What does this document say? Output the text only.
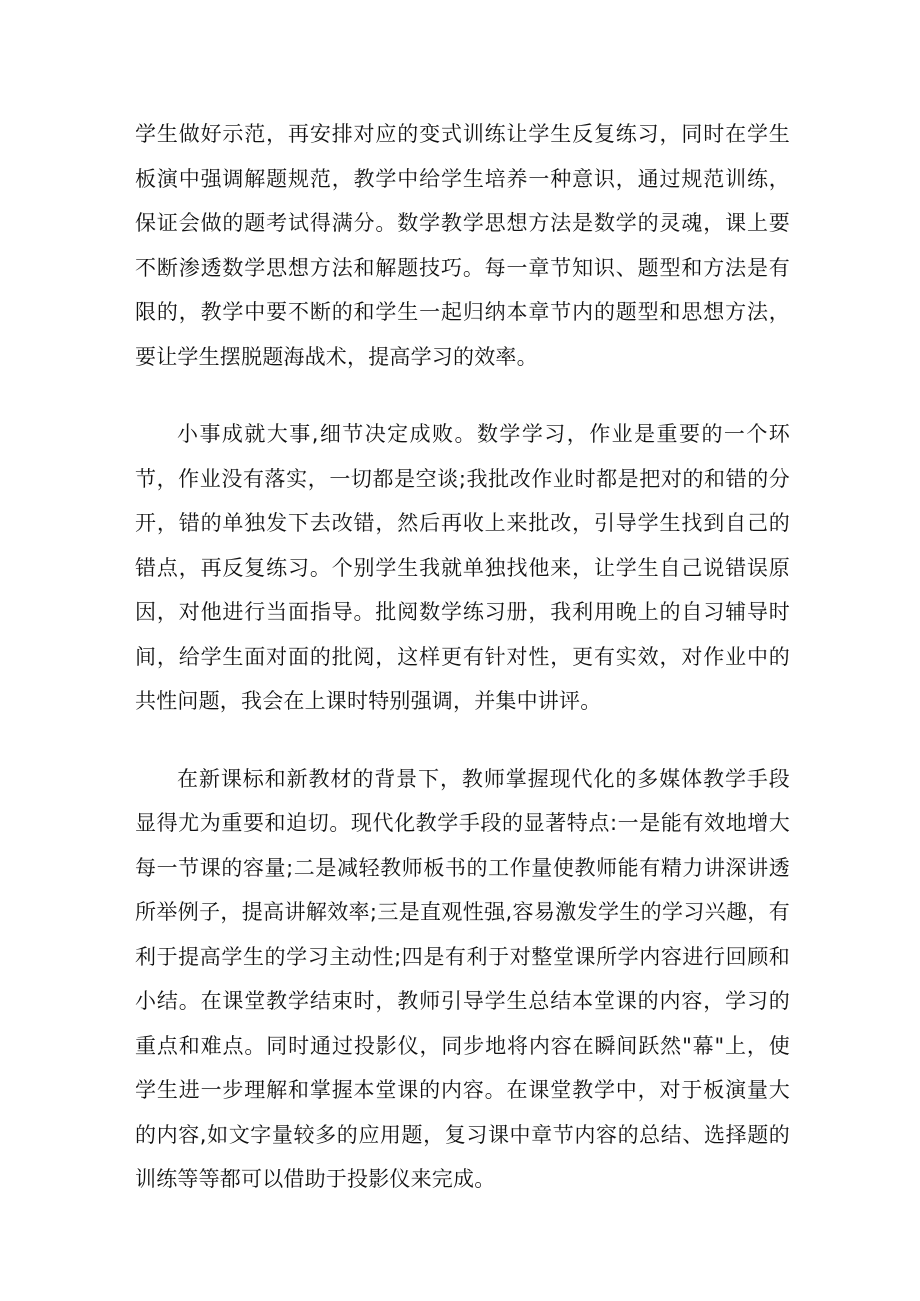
学生做好示范，再安排对应的变式训练让学生反复练习，同时在学生板演中强调解题规范，教学中给学生培养一种意识，通过规范训练，保证会做的题考试得满分。数学教学思想方法是数学的灵魂，课上要不断渗透数学思想方法和解题技巧。每一章节知识、题型和方法是有限的，教学中要不断的和学生一起归纳本章节内的题型和思想方法，要让学生摆脱题海战术，提高学习的效率。

小事成就大事,细节决定成败。数学学习，作业是重要的一个环节，作业没有落实，一切都是空谈;我批改作业时都是把对的和错的分开，错的单独发下去改错，然后再收上来批改，引导学生找到自己的错点，再反复练习。个别学生我就单独找他来，让学生自己说错误原因，对他进行当面指导。批阅数学练习册，我利用晚上的自习辅导时间，给学生面对面的批阅，这样更有针对性，更有实效，对作业中的共性问题，我会在上课时特别强调，并集中讲评。

在新课标和新教材的背景下，教师掌握现代化的多媒体教学手段显得尤为重要和迫切。现代化教学手段的显著特点:一是能有效地增大每一节课的容量;二是减轻教师板书的工作量使教师能有精力讲深讲透所举例子，提高讲解效率;三是直观性强,容易激发学生的学习兴趣，有利于提高学生的学习主动性;四是有利于对整堂课所学内容进行回顾和小结。在课堂教学结束时，教师引导学生总结本堂课的内容，学习的重点和难点。同时通过投影仪，同步地将内容在瞬间跃然"幕"上，使学生进一步理解和掌握本堂课的内容。在课堂教学中，对于板演量大的内容,如文字量较多的应用题，复习课中章节内容的总结、选择题的训练等等都可以借助于投影仪来完成。
